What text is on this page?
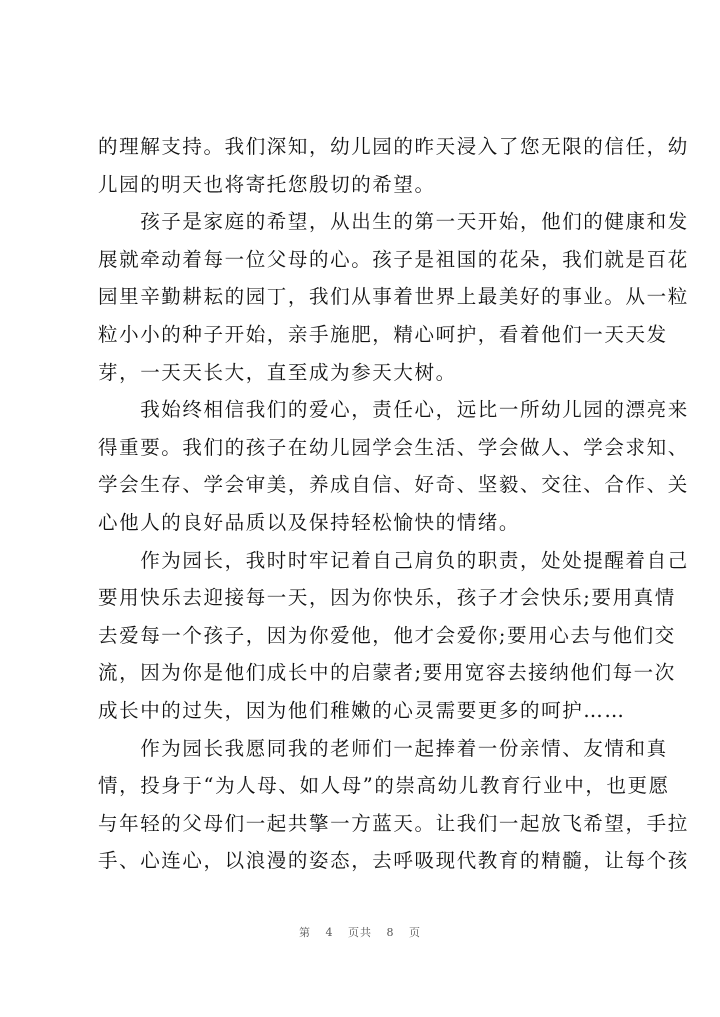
的理解支持。我们深知，幼儿园的昨天浸入了您无限的信任，幼
儿园的明天也将寄托您殷切的希望。
　　孩子是家庭的希望，从出生的第一天开始，他们的健康和发
展就牵动着每一位父母的心。孩子是祖国的花朵，我们就是百花
园里辛勤耕耘的园丁，我们从事着世界上最美好的事业。从一粒
粒小小的种子开始，亲手施肥，精心呵护，看着他们一天天发
芽，一天天长大，直至成为参天大树。
　　我始终相信我们的爱心，责任心，远比一所幼儿园的漂亮来
得重要。我们的孩子在幼儿园学会生活、学会做人、学会求知、
学会生存、学会审美，养成自信、好奇、坚毅、交往、合作、关
心他人的良好品质以及保持轻松愉快的情绪。
　　作为园长，我时时牢记着自己肩负的职责，处处提醒着自己
要用快乐去迎接每一天，因为你快乐，孩子才会快乐;要用真情
去爱每一个孩子，因为你爱他，他才会爱你;要用心去与他们交
流，因为你是他们成长中的启蒙者;要用宽容去接纳他们每一次
成长中的过失，因为他们稚嫩的心灵需要更多的呵护……
　　作为园长我愿同我的老师们一起捧着一份亲情、友情和真
情，投身于“为人母、如人母”的崇高幼儿教育行业中，也更愿
与年轻的父母们一起共擎一方蓝天。让我们一起放飞希望，手拉
手、心连心，以浪漫的姿态，去呼吸现代教育的精髓，让每个孩
第 4 页共 8 页
